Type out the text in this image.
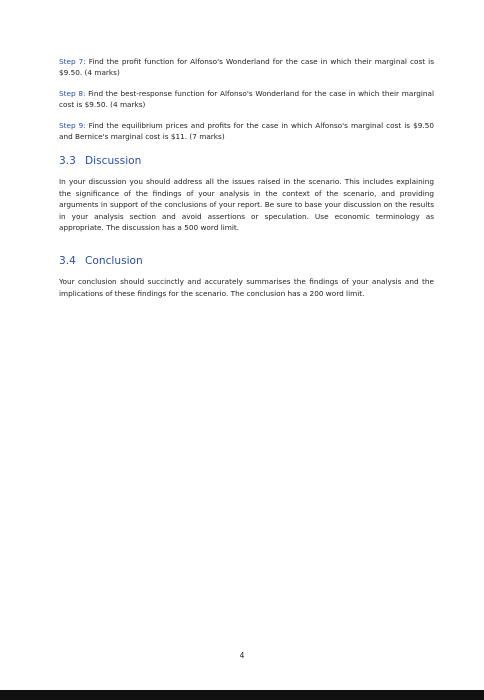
Step 7: Find the profit function for Alfonso's Wonderland for the case in which their marginal cost is $9.50. (4 marks)

Step 8: Find the best-response function for Alfonso's Wonderland for the case in which their marginal cost is $9.50. (4 marks)

Step 9: Find the equilibrium prices and profits for the case in which Alfonso's marginal cost is $9.50 and Bernice's marginal cost is $11. (7 marks)

3.3 Discussion

In your discussion you should address all the issues raised in the scenario. This includes explaining the significance of the findings of your analysis in the context of the scenario, and providing arguments in support of the conclusions of your report. Be sure to base your discussion on the results in your analysis section and avoid assertions or speculation. Use economic terminology as appropriate. The discussion has a 500 word limit.

3.4 Conclusion

Your conclusion should succinctly and accurately summarises the findings of your analysis and the implications of these findings for the scenario. The conclusion has a 200 word limit.

4
